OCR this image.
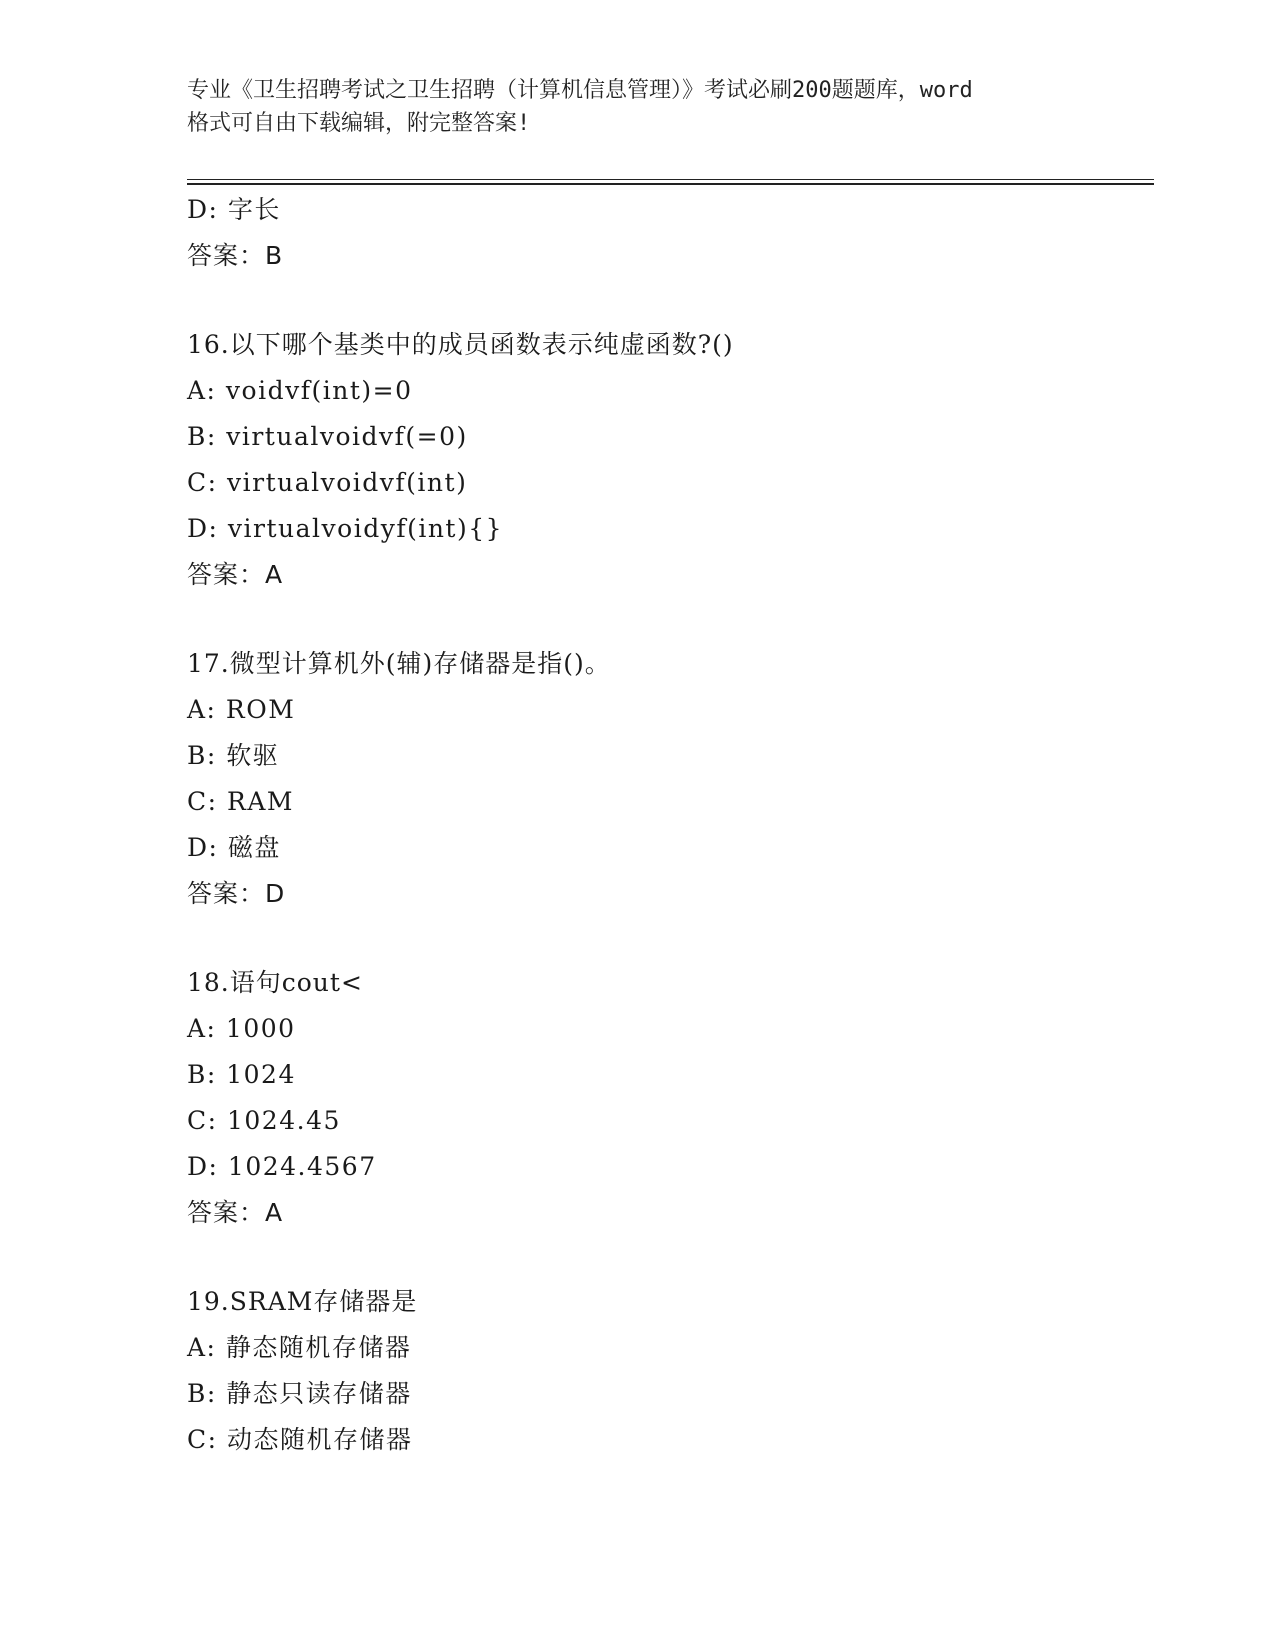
专业《卫生招聘考试之卫生招聘（计算机信息管理）》考试必刷200题题库，word
格式可自由下载编辑，附完整答案!
D: 字长
答案：B
16.以下哪个基类中的成员函数表示纯虚函数?()
A: voidvf(int)=0
B: virtualvoidvf(=0)
C: virtualvoidvf(int)
D: virtualvoidyf(int){}
答案：A
17.微型计算机外(辅)存储器是指()。
A: ROM
B: 软驱
C: RAM
D: 磁盘
答案：D
18.语句cout<
A: 1000
B: 1024
C: 1024.45
D: 1024.4567
答案：A
19.SRAM存储器是
A: 静态随机存储器
B: 静态只读存储器
C: 动态随机存储器
